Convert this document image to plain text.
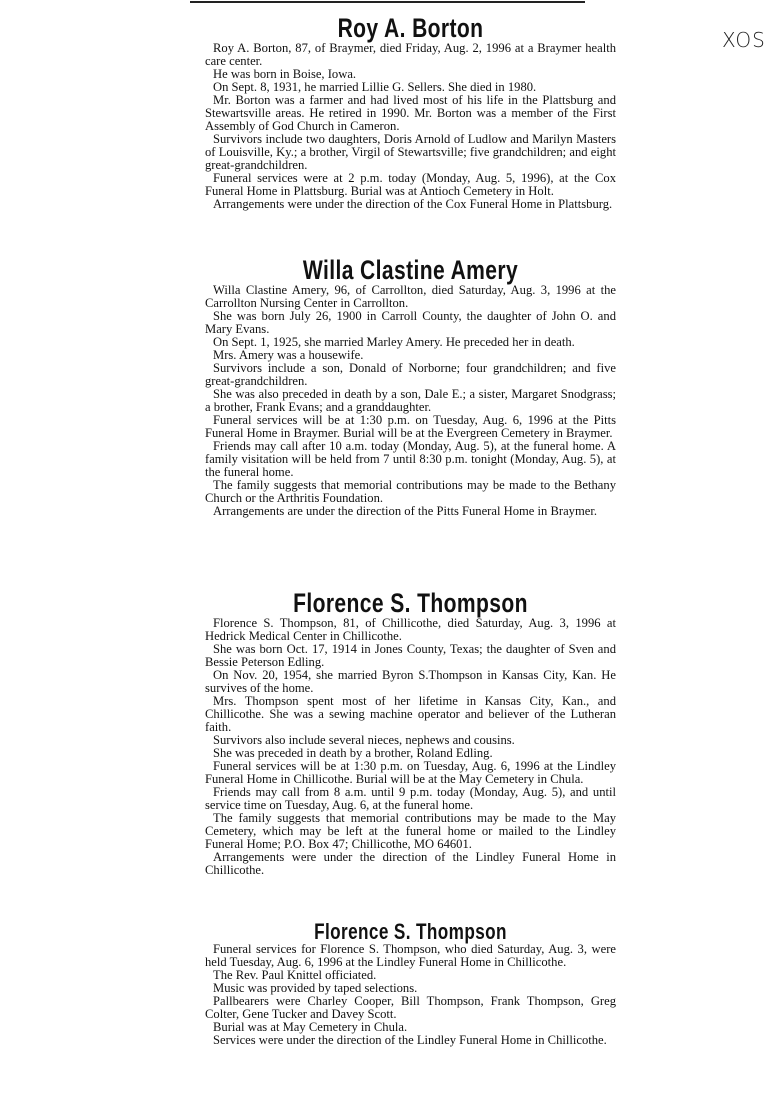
XOS
Roy A. Borton

Roy A. Borton, 87, of Braymer, died Friday, Aug. 2, 1996 at a Braymer health care center.

He was born in Boise, Iowa.

On Sept. 8, 1931, he married Lillie G. Sellers. She died in 1980.

Mr. Borton was a farmer and had lived most of his life in the Plattsburg and Stewartsville areas. He retired in 1990. Mr. Borton was a member of the First Assembly of God Church in Cameron.

Survivors include two daughters, Doris Arnold of Ludlow and Marilyn Masters of Louisville, Ky.; a brother, Virgil of Stewartsville; five grandchildren; and eight great-grandchildren.

Funeral services were at 2 p.m. today (Monday, Aug. 5, 1996), at the Cox Funeral Home in Plattsburg. Burial was at Antioch Cemetery in Holt.

Arrangements were under the direction of the Cox Funeral Home in Plattsburg.

Willa Clastine Amery

Willa Clastine Amery, 96, of Carrollton, died Saturday, Aug. 3, 1996 at the Carrollton Nursing Center in Carrollton.

She was born July 26, 1900 in Carroll County, the daughter of John O. and Mary Evans.

On Sept. 1, 1925, she married Marley Amery. He preceded her in death.

Mrs. Amery was a housewife.

Survivors include a son, Donald of Norborne; four grandchildren; and five great-grandchildren.

She was also preceded in death by a son, Dale E.; a sister, Margaret Snodgrass; a brother, Frank Evans; and a granddaughter.

Funeral services will be at 1:30 p.m. on Tuesday, Aug. 6, 1996 at the Pitts Funeral Home in Braymer. Burial will be at the Evergreen Cemetery in Braymer.

Friends may call after 10 a.m. today (Monday, Aug. 5), at the funeral home. A family visitation will be held from 7 until 8:30 p.m. tonight (Monday, Aug. 5), at the funeral home.

The family suggests that memorial contributions may be made to the Bethany Church or the Arthritis Foundation.

Arrangements are under the direction of the Pitts Funeral Home in Braymer.

Florence S. Thompson

Florence S. Thompson, 81, of Chillicothe, died Saturday, Aug. 3, 1996 at Hedrick Medical Center in Chillicothe.

She was born Oct. 17, 1914 in Jones County, Texas; the daughter of Sven and Bessie Peterson Edling.

On Nov. 20, 1954, she married Byron S.Thompson in Kansas City, Kan. He survives of the home.

Mrs. Thompson spent most of her lifetime in Kansas City, Kan., and Chillicothe. She was a sewing machine operator and believer of the Lutheran faith.

Survivors also include several nieces, nephews and cousins.

She was preceded in death by a brother, Roland Edling.

Funeral services will be at 1:30 p.m. on Tuesday, Aug. 6, 1996 at the Lindley Funeral Home in Chillicothe. Burial will be at the May Cemetery in Chula.

Friends may call from 8 a.m. until 9 p.m. today (Monday, Aug. 5), and until service time on Tuesday, Aug. 6, at the funeral home.

The family suggests that memorial contributions may be made to the May Cemetery, which may be left at the funeral home or mailed to the Lindley Funeral Home; P.O. Box 47; Chillicothe, MO 64601.

Arrangements were under the direction of the Lindley Funeral Home in Chillicothe.

Florence S. Thompson

Funeral services for Florence S. Thompson, who died Saturday, Aug. 3, were held Tuesday, Aug. 6, 1996 at the Lindley Funeral Home in Chillicothe.

The Rev. Paul Knittel officiated.

Music was provided by taped selections.

Pallbearers were Charley Cooper, Bill Thompson, Frank Thompson, Greg Colter, Gene Tucker and Davey Scott.

Burial was at May Cemetery in Chula.

Services were under the direction of the Lindley Funeral Home in Chillicothe.
